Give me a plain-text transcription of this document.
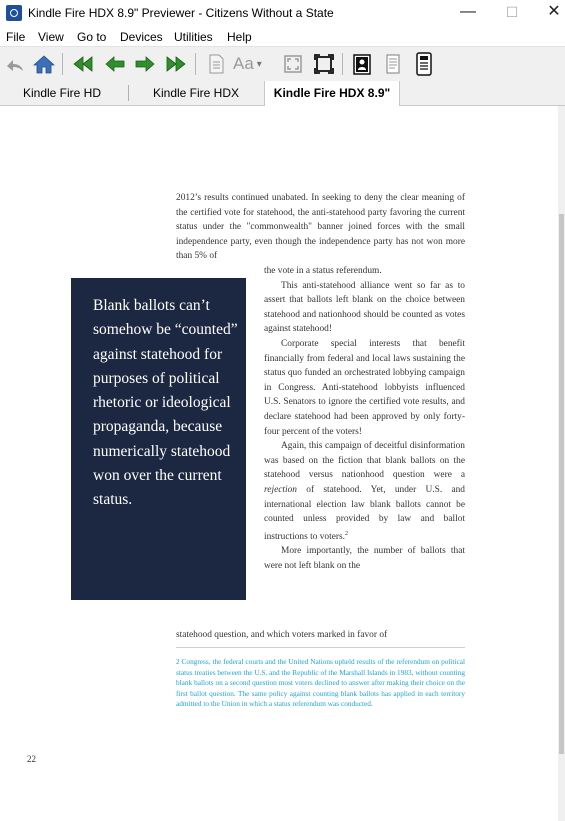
Kindle Fire HDX 8.9" Previewer - Citizens Without a State	—	☐	✕
File View Go to Devices Utilities Help
Aa ▾
Kindle Fire HD	Kindle Fire HDX	Kindle Fire HDX 8.9"

2012’s results continued unabated. In seeking to deny the clear meaning of the certified vote for statehood, the anti-statehood party favoring the current status under the "commonwealth" banner joined forces with the small independence party, even though the independence party has not won more than 5% of

the vote in a status referendum.

This anti-statehood alliance went so far as to assert that ballots left blank on the choice between statehood and nationhood should be counted as votes against statehood!

Corporate special interests that benefit financially from federal and local laws sustaining the status quo funded an orchestrated lobbying campaign in Congress. Anti-statehood lobbyists influenced U.S. Senators to ignore the certified vote results, and declare statehood had been approved by only forty-four percent of the voters!

Again, this campaign of deceitful disinformation was based on the fiction that blank ballots on the statehood versus nationhood question were a rejection of statehood. Yet, under U.S. and international election law blank ballots cannot be counted unless provided by law and ballot instructions to voters.$^2$

More importantly, the number of ballots that were not left blank on the

statehood question, and which voters marked in favor of

Blank ballots can’t somehow be “counted” against statehood for purposes of political rhetoric or ideological propaganda, because numerically statehood won over the current status.
2 Congress, the federal courts and the United Nations upheld results of the referendum on political status treaties between the U.S. and the Republic of the Marshall Islands in 1983, without counting blank ballots on a second question most voters declined to answer after making their choice on the first ballot question. The same policy against counting blank ballots has applied in each territory admitted to the Union in which a status referendum was conducted.
22
